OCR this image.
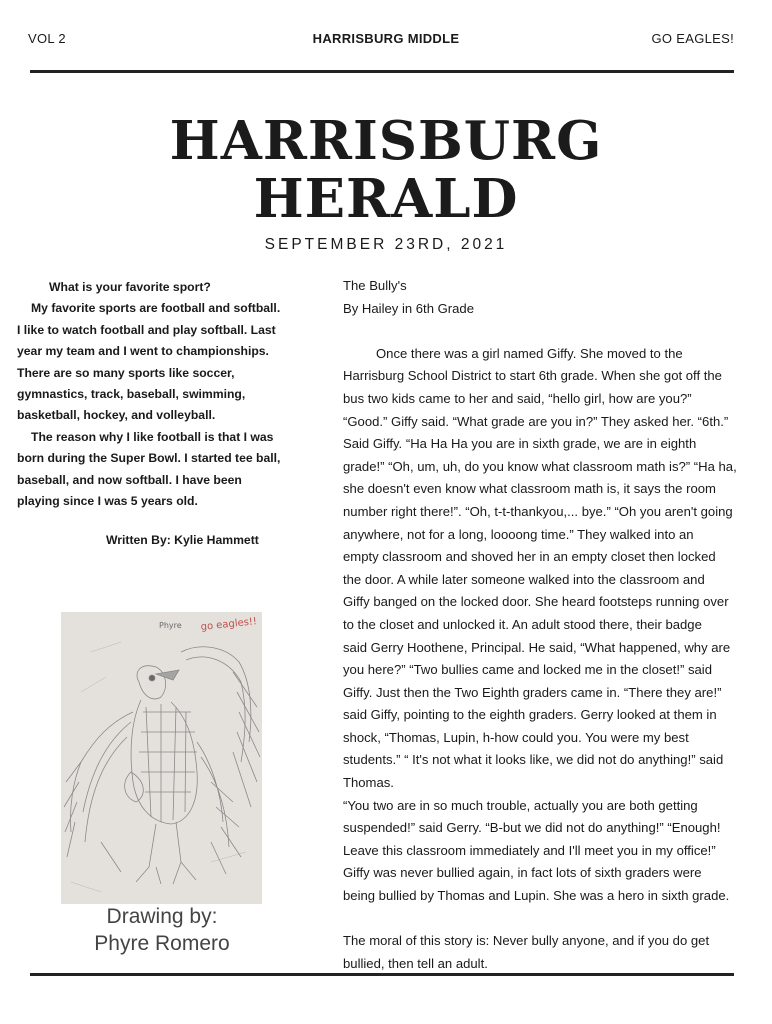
VOL 2	HARRISBURG MIDDLE	GO EAGLES!
HARRISBURG
HERALD
SEPTEMBER 23RD, 2021

What is your favorite sport?

My favorite sports are football and softball.

I like to watch football and play softball. Last

year my team and I went to championships.

There are so many sports like soccer,

gymnastics, track, baseball, swimming,

basketball, hockey, and volleyball.

The reason why I like football is that I was

born during the Super Bowl. I started tee ball,

baseball, and now softball. I have been

playing since I was 5 years old.

Written By: Kylie Hammett
Phyre go eagles!!
Drawing by:
Phyre Romero

The Bully's

By Hailey in 6th Grade

Once there was a girl named Giffy. She moved to the

Harrisburg School District to start 6th grade. When she got off the

bus two kids came to her and said, “hello girl, how are you?”

“Good.” Giffy said. “What grade are you in?” They asked her. “6th.”

Said Giffy. “Ha Ha Ha you are in sixth grade, we are in eighth

grade!” “Oh, um, uh, do you know what classroom math is?” “Ha ha,

she doesn't even know what classroom math is, it says the room

number right there!”. “Oh, t-t-thankyou,... bye.” “Oh you aren't going

anywhere, not for a long, loooong time.” They walked into an

empty classroom and shoved her in an empty closet then locked

the door. A while later someone walked into the classroom and

Giffy banged on the locked door. She heard footsteps running over

to the closet and unlocked it. An adult stood there, their badge

said Gerry Hoothene, Principal. He said, “What happened, why are

you here?” “Two bullies came and locked me in the closet!” said

Giffy. Just then the Two Eighth graders came in. “There they are!”

said Giffy, pointing to the eighth graders. Gerry looked at them in

shock, “Thomas, Lupin, h-how could you. You were my best

students.” “ It's not what it looks like, we did not do anything!” said

Thomas.

“You two are in so much trouble, actually you are both getting

suspended!” said Gerry. “B-but we did not do anything!” “Enough!

Leave this classroom immediately and I'll meet you in my office!”

Giffy was never bullied again, in fact lots of sixth graders were

being bullied by Thomas and Lupin. She was a hero in sixth grade.

The moral of this story is: Never bully anyone, and if you do get

bullied, then tell an adult.
